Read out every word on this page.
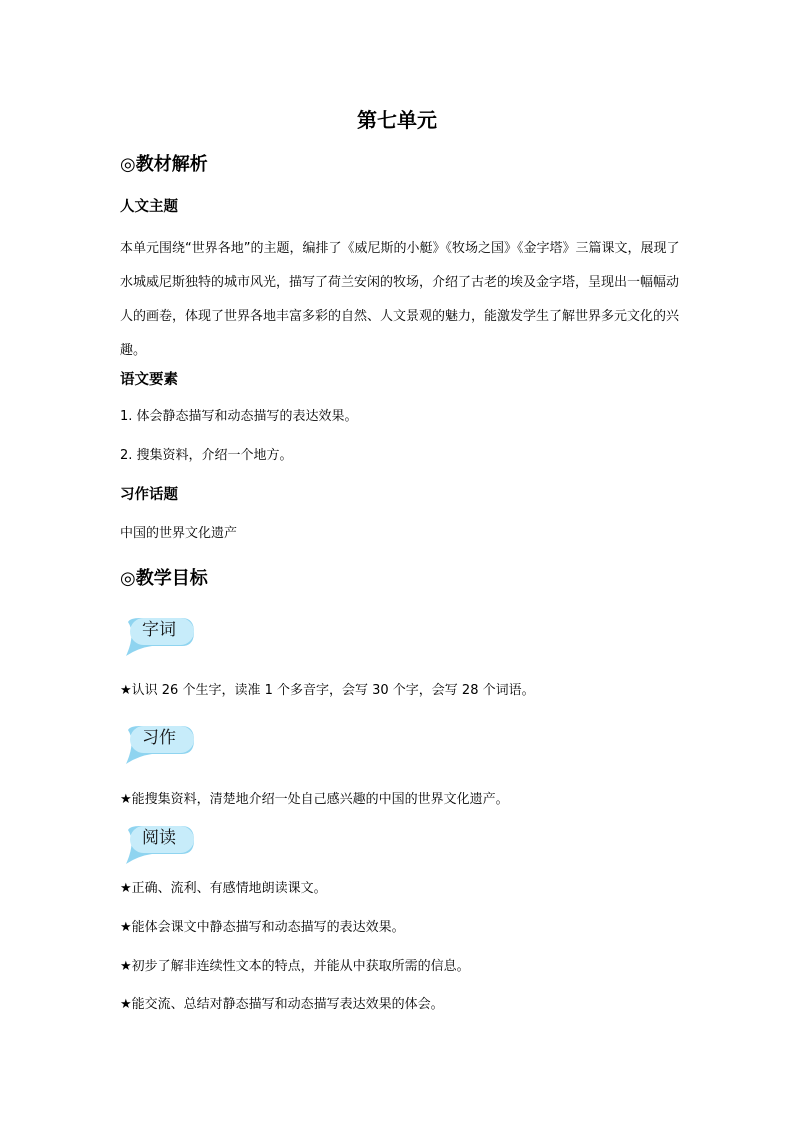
第七单元
◎教材解析
人文主题
本单元围绕“世界各地”的主题，编排了《威尼斯的小艇》《牧场之国》《金字塔》三篇课文，展现了水城威尼斯独特的城市风光，描写了荷兰安闲的牧场，介绍了古老的埃及金字塔，呈现出一幅幅动人的画卷，体现了世界各地丰富多彩的自然、人文景观的魅力，能激发学生了解世界多元文化的兴趣。
语文要素
1. 体会静态描写和动态描写的表达效果。
2. 搜集资料，介绍一个地方。
习作话题
中国的世界文化遗产
◎教学目标
字词
★认识 26 个生字，读准 1 个多音字，会写 30 个字，会写 28 个词语。
习作
★能搜集资料，清楚地介绍一处自己感兴趣的中国的世界文化遗产。
阅读
★正确、流利、有感情地朗读课文。
★能体会课文中静态描写和动态描写的表达效果。
★初步了解非连续性文本的特点，并能从中获取所需的信息。
★能交流、总结对静态描写和动态描写表达效果的体会。
